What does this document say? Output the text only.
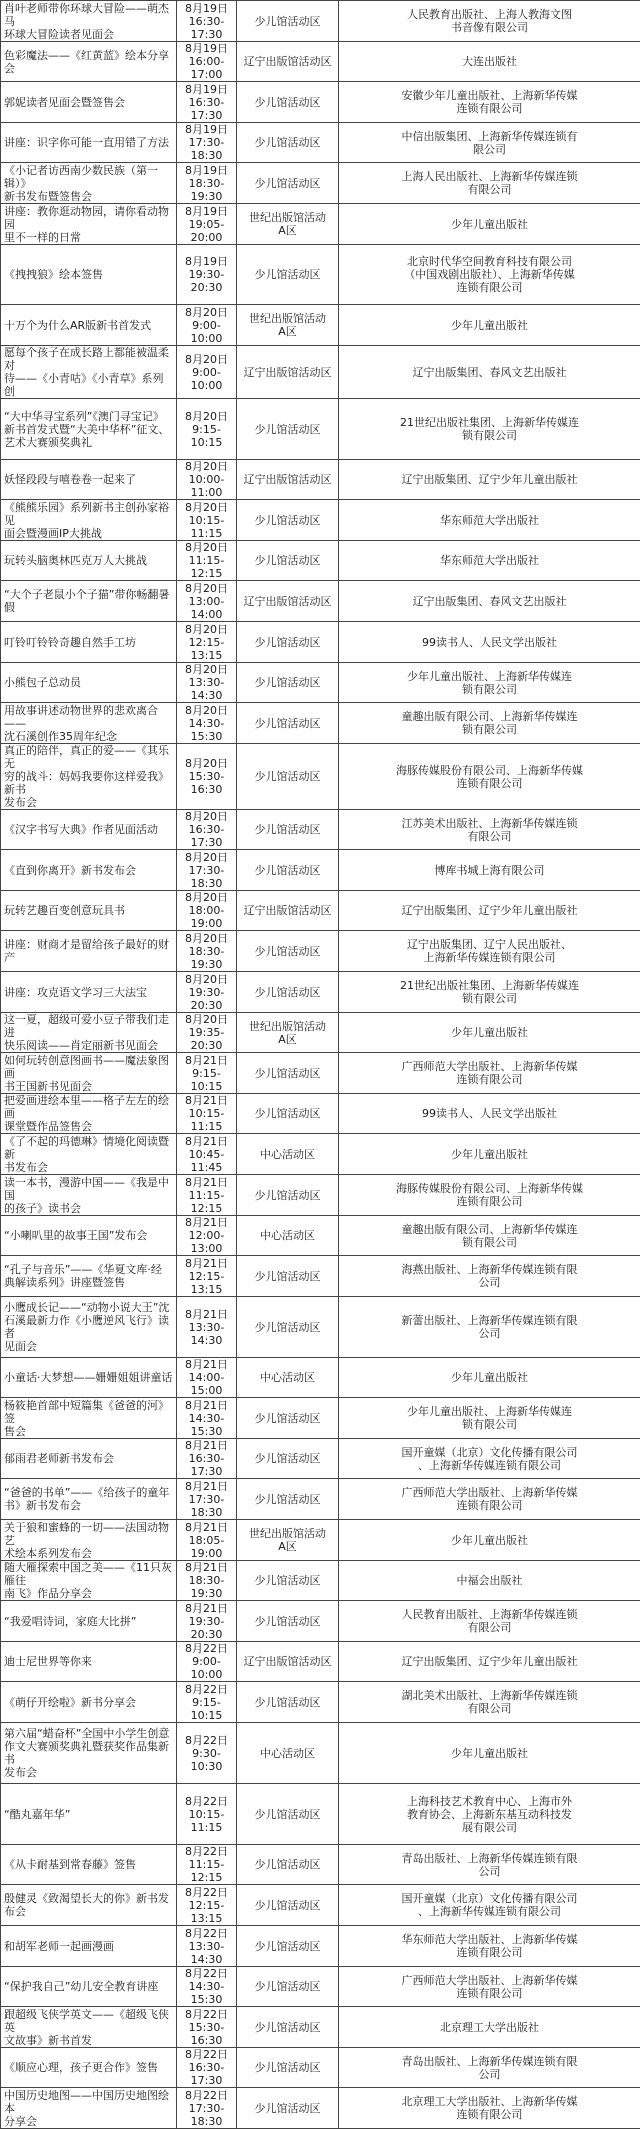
肖叶老师带你环球大冒险——萌杰马
环球大冒险读者见面会	8月19日
16:30-17:30	少儿馆活动区	人民教育出版社、上海人教海文图
书音像有限公司

色彩魔法——《红黄蓝》绘本分享会	8月19日
16:00-17:00	辽宁出版馆活动区	大连出版社

郭妮读者见面会暨签售会	8月19日
16:30-17:30	少儿馆活动区	安徽少年儿童出版社、上海新华传媒
连锁有限公司

讲座：识字你可能一直用错了方法	8月19日
17:30-18:30	少儿馆活动区	中信出版集团、上海新华传媒连锁有
限公司

《小记者访西南少数民族（第一辑）》
新书发布暨签售会	8月19日
18:30-19:30	少儿馆活动区	上海人民出版社、上海新华传媒连锁
有限公司

讲座：教你逛动物园，请你看动物园
里不一样的日常	8月19日
19:05-20:00	世纪出版馆活动
A区	少年儿童出版社

《拽拽狼》绘本签售	8月19日
19:30-20:30	少儿馆活动区	北京时代华空间教育科技有限公司
（中国戏剧出版社）、上海新华传媒
连锁有限公司

十万个为什么AR版新书首发式	8月20日
9:00-10:00	世纪出版馆活动
A区	少年儿童出版社

愿每个孩子在成长路上都能被温柔对
待——《小青咕》《小青草》系列创	8月20日
9:00-10:00	辽宁出版馆活动区	辽宁出版集团、春风文艺出版社

“大中华寻宝系列”《澳门寻宝记》
新书首发式暨“大美中华杯”征文、
艺术大赛颁奖典礼	8月20日
9:15-10:15	少儿馆活动区	21世纪出版社集团、上海新华传媒连
锁有限公司

妖怪段段与嘻卷卷一起来了	8月20日
10:00-11:00	辽宁出版馆活动区	辽宁出版集团、辽宁少年儿童出版社

《熊熊乐园》系列新书主创孙家裕见
面会暨漫画IP大挑战	8月20日
10:15-11:15	少儿馆活动区	华东师范大学出版社

玩转头脑奥林匹克万人大挑战	8月20日
11:15-12:15	少儿馆活动区	华东师范大学出版社

“大个子老鼠小个子猫”带你畅翻暑
假	8月20日
13:00-14:00	辽宁出版馆活动区	辽宁出版集团、春风文艺出版社

叮铃叮铃铃奇趣自然手工坊	8月20日
12:15-13:15	少儿馆活动区	99读书人、人民文学出版社

小熊包子总动员	8月20日
13:30-14:30	少儿馆活动区	少年儿童出版社、上海新华传媒连
锁有限公司

用故事讲述动物世界的悲欢离合——
沈石溪创作35周年纪念	8月20日
14:30-15:30	少儿馆活动区	童趣出版有限公司、上海新华传媒连
锁有限公司

真正的陪伴，真正的爱——《其乐无
穷的战斗：妈妈我要你这样爱我》新书
发布会	8月20日
15:30-16:30	少儿馆活动区	海豚传媒股份有限公司、上海新华传媒
连锁有限公司

《汉字书写大典》作者见面活动	8月20日
16:30-17:30	少儿馆活动区	江苏美术出版社、上海新华传媒连锁
有限公司

《直到你离开》新书发布会	8月20日
17:30-18:30	少儿馆活动区	博库书城上海有限公司

玩转艺趣百变创意玩具书	8月20日
18:00-19:00	辽宁出版馆活动区	辽宁出版集团、辽宁少年儿童出版社

讲座：财商才是留给孩子最好的财产	8月20日
18:30-19:30	少儿馆活动区	辽宁出版集团、辽宁人民出版社、
上海新华传媒连锁有限公司

讲座：攻克语文学习三大法宝	8月20日
19:30-20:30	少儿馆活动区	21世纪出版社集团、上海新华传媒连
锁有限公司

这一夏，超级可爱小豆子带我们走进
快乐阅读——肖定丽新书见面会	8月20日
19:35-20:30	世纪出版馆活动
A区	少年儿童出版社

如何玩转创意图画书——魔法象图画
书王国新书见面会	8月21日
9:15-10:15	少儿馆活动区	广西师范大学出版社、上海新华传媒
连锁有限公司

把爱画进绘本里——格子左左的绘画
课堂暨作品签售会	8月21日
10:15-11:15	少儿馆活动区	99读书人、人民文学出版社

《了不起的玛德琳》情境化阅读暨新
书发布会	8月21日
10:45-11:45	中心活动区	少年儿童出版社

读一本书，漫游中国——《我是中国
的孩子》读书会	8月21日
11:15-12:15	少儿馆活动区	海豚传媒股份有限公司、上海新华传媒
连锁有限公司

“小喇叭里的故事王国”发布会	8月21日
12:00-13:00	中心活动区	童趣出版有限公司、上海新华传媒连
锁有限公司

“孔子与音乐”——《华夏文库·经
典解读系列》讲座暨签售	8月21日
12:15-13:15	少儿馆活动区	海燕出版社、上海新华传媒连锁有限
公司

小鹰成长记——“动物小说大王”沈
石溪最新力作《小鹰逆风飞行》读者
见面会	8月21日
13:30-14:30	少儿馆活动区	新蕾出版社、上海新华传媒连锁有限
公司

小童话·大梦想——姗姗姐姐讲童话	8月21日
14:00-15:00	中心活动区	少年儿童出版社

杨筱艳首部中短篇集《爸爸的河》签
售会	8月21日
14:30-15:30	少儿馆活动区	少年儿童出版社、上海新华传媒连
锁有限公司

郁雨君老师新书发布会	8月21日
16:30-17:30	少儿馆活动区	国开童媒（北京）文化传播有限公司
、上海新华传媒连锁有限公司

“爸爸的书单”——《给孩子的童年
书》新书发布会	8月21日
17:30-18:30	少儿馆活动区	广西师范大学出版社、上海新华传媒
连锁有限公司

关于狼和蜜蜂的一切——法国动物艺
术绘本系列发布会	8月21日
18:05-19:00	世纪出版馆活动
A区	少年儿童出版社

随大雁探索中国之美——《11只灰雁往
南飞》作品分享会	8月21日
18:30-19:30	少儿馆活动区	中福会出版社

“我爱唱诗词，家庭大比拼”	8月21日
19:30-20:30	少儿馆活动区	人民教育出版社、上海新华传媒连锁
有限公司

迪士尼世界等你来	8月22日
9:00-10:00	辽宁出版馆活动区	辽宁出版集团、辽宁少年儿童出版社

《萌仔开绘啦》新书分享会	8月22日
9:15-10:15	少儿馆活动区	湖北美术出版社、上海新华传媒连锁
有限公司

第六届“蜡奋杯”全国中小学生创意
作文大赛颁奖典礼暨获奖作品集新书
发布会	8月22日
9:30-10:30	中心活动区	少年儿童出版社

“酷丸嘉年华”	8月22日
10:15-11:15	少儿馆活动区	上海科技艺术教育中心、上海市外
教育协会、上海新东基互动科技发
展有限公司

《从卡耐基到常春藤》签售	8月22日
11:15-12:15	少儿馆活动区	青岛出版社、上海新华传媒连锁有限
公司

殷健灵《致渴望长大的你》新书发
布会	8月22日
12:15-13:15	少儿馆活动区	国开童媒（北京）文化传播有限公司
、上海新华传媒连锁有限公司

和胡军老师一起画漫画	8月22日
13:30-14:30	少儿馆活动区	华东师范大学出版社、上海新华传媒
连锁有限公司

“保护我自己”幼儿安全教育讲座	8月22日
14:30-15:30	少儿馆活动区	广西师范大学出版社、上海新华传媒
连锁有限公司

跟超级飞侠学英文——《超级飞侠英
文故事》新书首发	8月22日
15:30-16:30	少儿馆活动区	北京理工大学出版社

《顺应心理，孩子更合作》签售	8月22日
16:30-17:30	少儿馆活动区	青岛出版社、上海新华传媒连锁有限
公司

中国历史地图——中国历史地图绘本
分享会	8月22日
17:30-18:30	少儿馆活动区	北京理工大学出版社、上海新华传媒
连锁有限公司
